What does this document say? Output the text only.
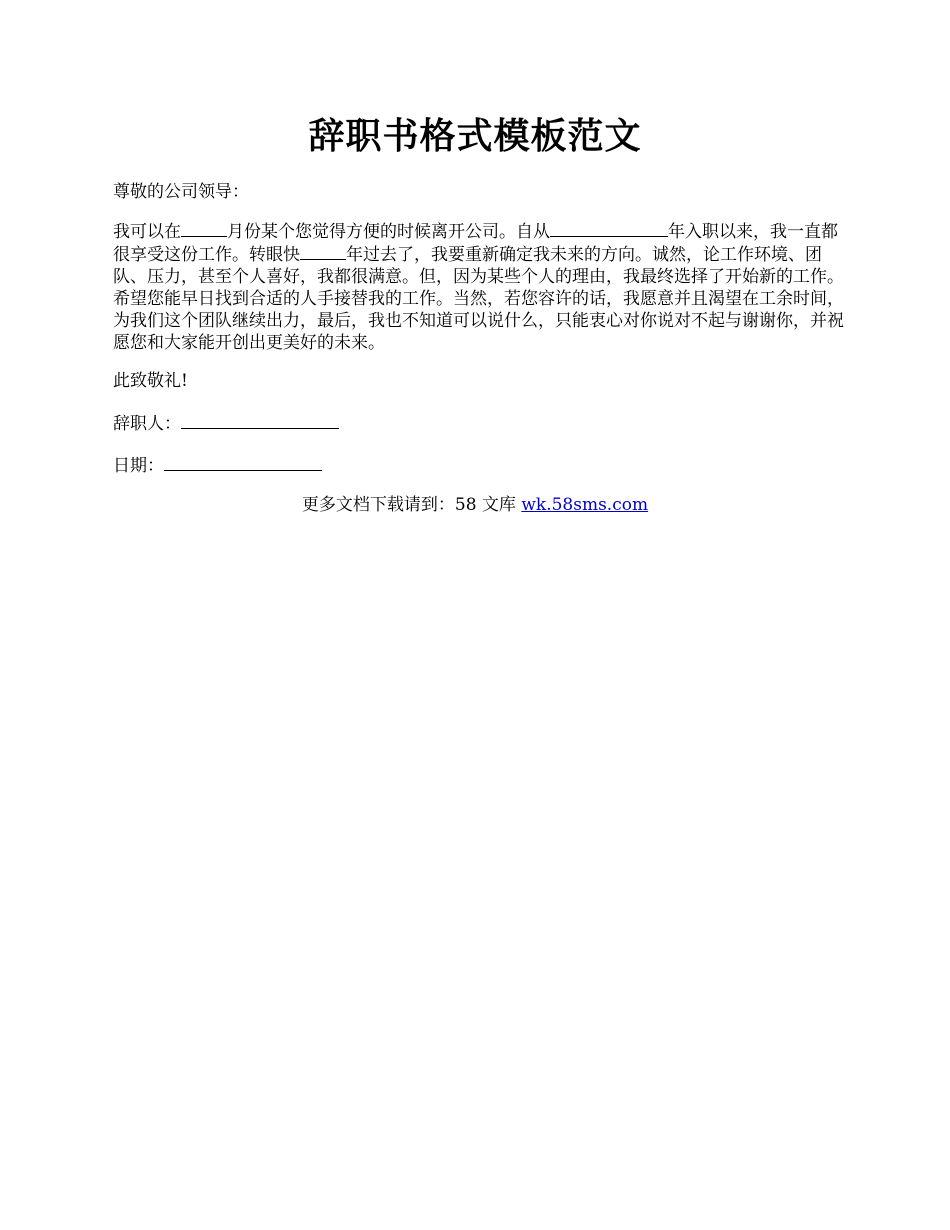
辞职书格式模板范文
尊敬的公司领导：
我可以在	月份某个您觉得方便的时候离开公司。自从	年入职以来，我一直都很享受这份工作。转眼快	年过去了，我要重新确定我未来的方向。诚然，论工作环境、团队、压力，甚至个人喜好，我都很满意。但，因为某些个人的理由，我最终选择了开始新的工作。希望您能早日找到合适的人手接替我的工作。当然，若您容许的话，我愿意并且渴望在工余时间，为我们这个团队继续出力，最后，我也不知道可以说什么，只能衷心对你说对不起与谢谢你，并祝愿您和大家能开创出更美好的未来。
此致敬礼!
辞职人：
日期：
更多文档下载请到：58 文库 wk.58sms.com
